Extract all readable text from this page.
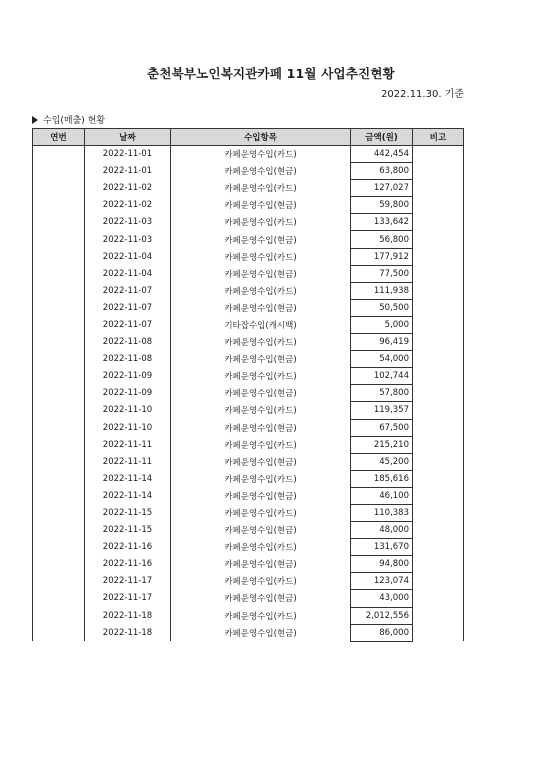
춘천북부노인복지관카페 11월 사업추진현황
2022.11.30. 기준
수입(매출) 현황
연번	날짜	수입항목	금액(원)	비고
	2022-11-01	카페운영수입(카드)	442,454	
	2022-11-01	카페운영수입(현금)	63,800	
	2022-11-02	카페운영수입(카드)	127,027	
	2022-11-02	카페운영수입(현금)	59,800	
	2022-11-03	카페운영수입(카드)	133,642	
	2022-11-03	카페운영수입(현금)	56,800	
	2022-11-04	카페운영수입(카드)	177,912	
	2022-11-04	카페운영수입(현금)	77,500	
	2022-11-07	카페운영수입(카드)	111,938	
	2022-11-07	카페운영수입(현금)	50,500	
	2022-11-07	기타잡수입(캐시백)	5,000	
	2022-11-08	카페운영수입(카드)	96,419	
	2022-11-08	카페운영수입(현금)	54,000	
	2022-11-09	카페운영수입(카드)	102,744	
	2022-11-09	카페운영수입(현금)	57,800	
	2022-11-10	카페운영수입(카드)	119,357	
	2022-11-10	카페운영수입(현금)	67,500	
	2022-11-11	카페운영수입(카드)	215,210	
	2022-11-11	카페운영수입(현금)	45,200	
	2022-11-14	카페운영수입(카드)	185,616	
	2022-11-14	카페운영수입(현금)	46,100	
	2022-11-15	카페운영수입(카드)	110,383	
	2022-11-15	카페운영수입(현금)	48,000	
	2022-11-16	카페운영수입(카드)	131,670	
	2022-11-16	카페운영수입(현금)	94,800	
	2022-11-17	카페운영수입(카드)	123,074	
	2022-11-17	카페운영수입(현금)	43,000	
	2022-11-18	카페운영수입(카드)	2,012,556	
	2022-11-18	카페운영수입(현금)	86,000	
